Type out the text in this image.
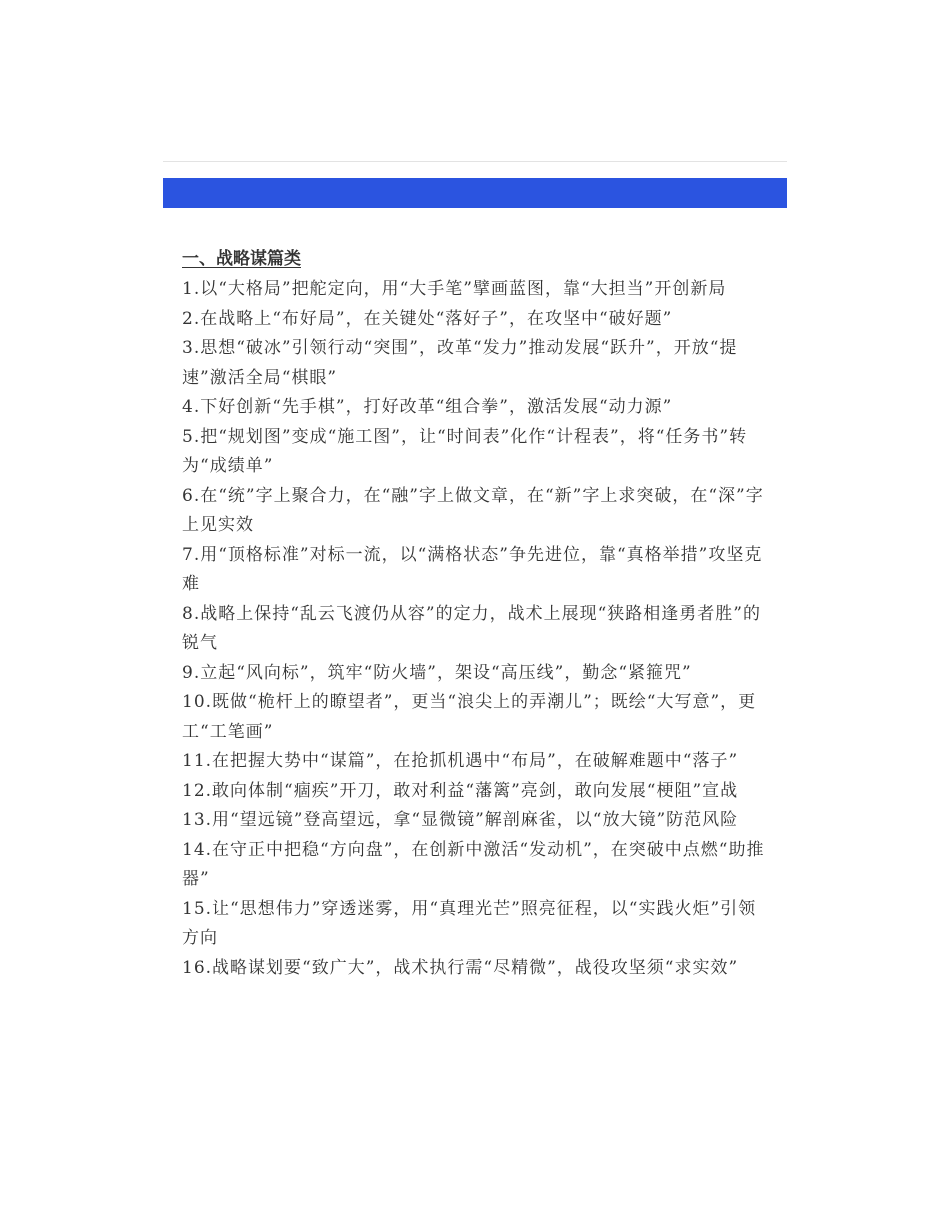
一、战略谋篇类
1.以“大格局”把舵定向，用“大手笔”擘画蓝图，靠“大担当”开创新局
2.在战略上“布好局”，在关键处“落好子”，在攻坚中“破好题”
3.思想“破冰”引领行动“突围”，改革“发力”推动发展“跃升”，开放“提速”激活全局“棋眼”
4.下好创新“先手棋”，打好改革“组合拳”，激活发展“动力源”
5.把“规划图”变成“施工图”，让“时间表”化作“计程表”，将“任务书”转为“成绩单”
6.在“统”字上聚合力，在“融”字上做文章，在“新”字上求突破，在“深”字上见实效
7.用“顶格标准”对标一流，以“满格状态”争先进位，靠“真格举措”攻坚克难
8.战略上保持“乱云飞渡仍从容”的定力，战术上展现“狭路相逢勇者胜”的锐气
9.立起“风向标”，筑牢“防火墙”，架设“高压线”，勤念“紧箍咒”
10.既做“桅杆上的瞭望者”，更当“浪尖上的弄潮儿”；既绘“大写意”，更工“工笔画”
11.在把握大势中“谋篇”，在抢抓机遇中“布局”，在破解难题中“落子”
12.敢向体制“痼疾”开刀，敢对利益“藩篱”亮剑，敢向发展“梗阻”宣战
13.用“望远镜”登高望远，拿“显微镜”解剖麻雀，以“放大镜”防范风险
14.在守正中把稳“方向盘”，在创新中激活“发动机”，在突破中点燃“助推器”
15.让“思想伟力”穿透迷雾，用“真理光芒”照亮征程，以“实践火炬”引领方向
16.战略谋划要“致广大”，战术执行需“尽精微”，战役攻坚须“求实效”
